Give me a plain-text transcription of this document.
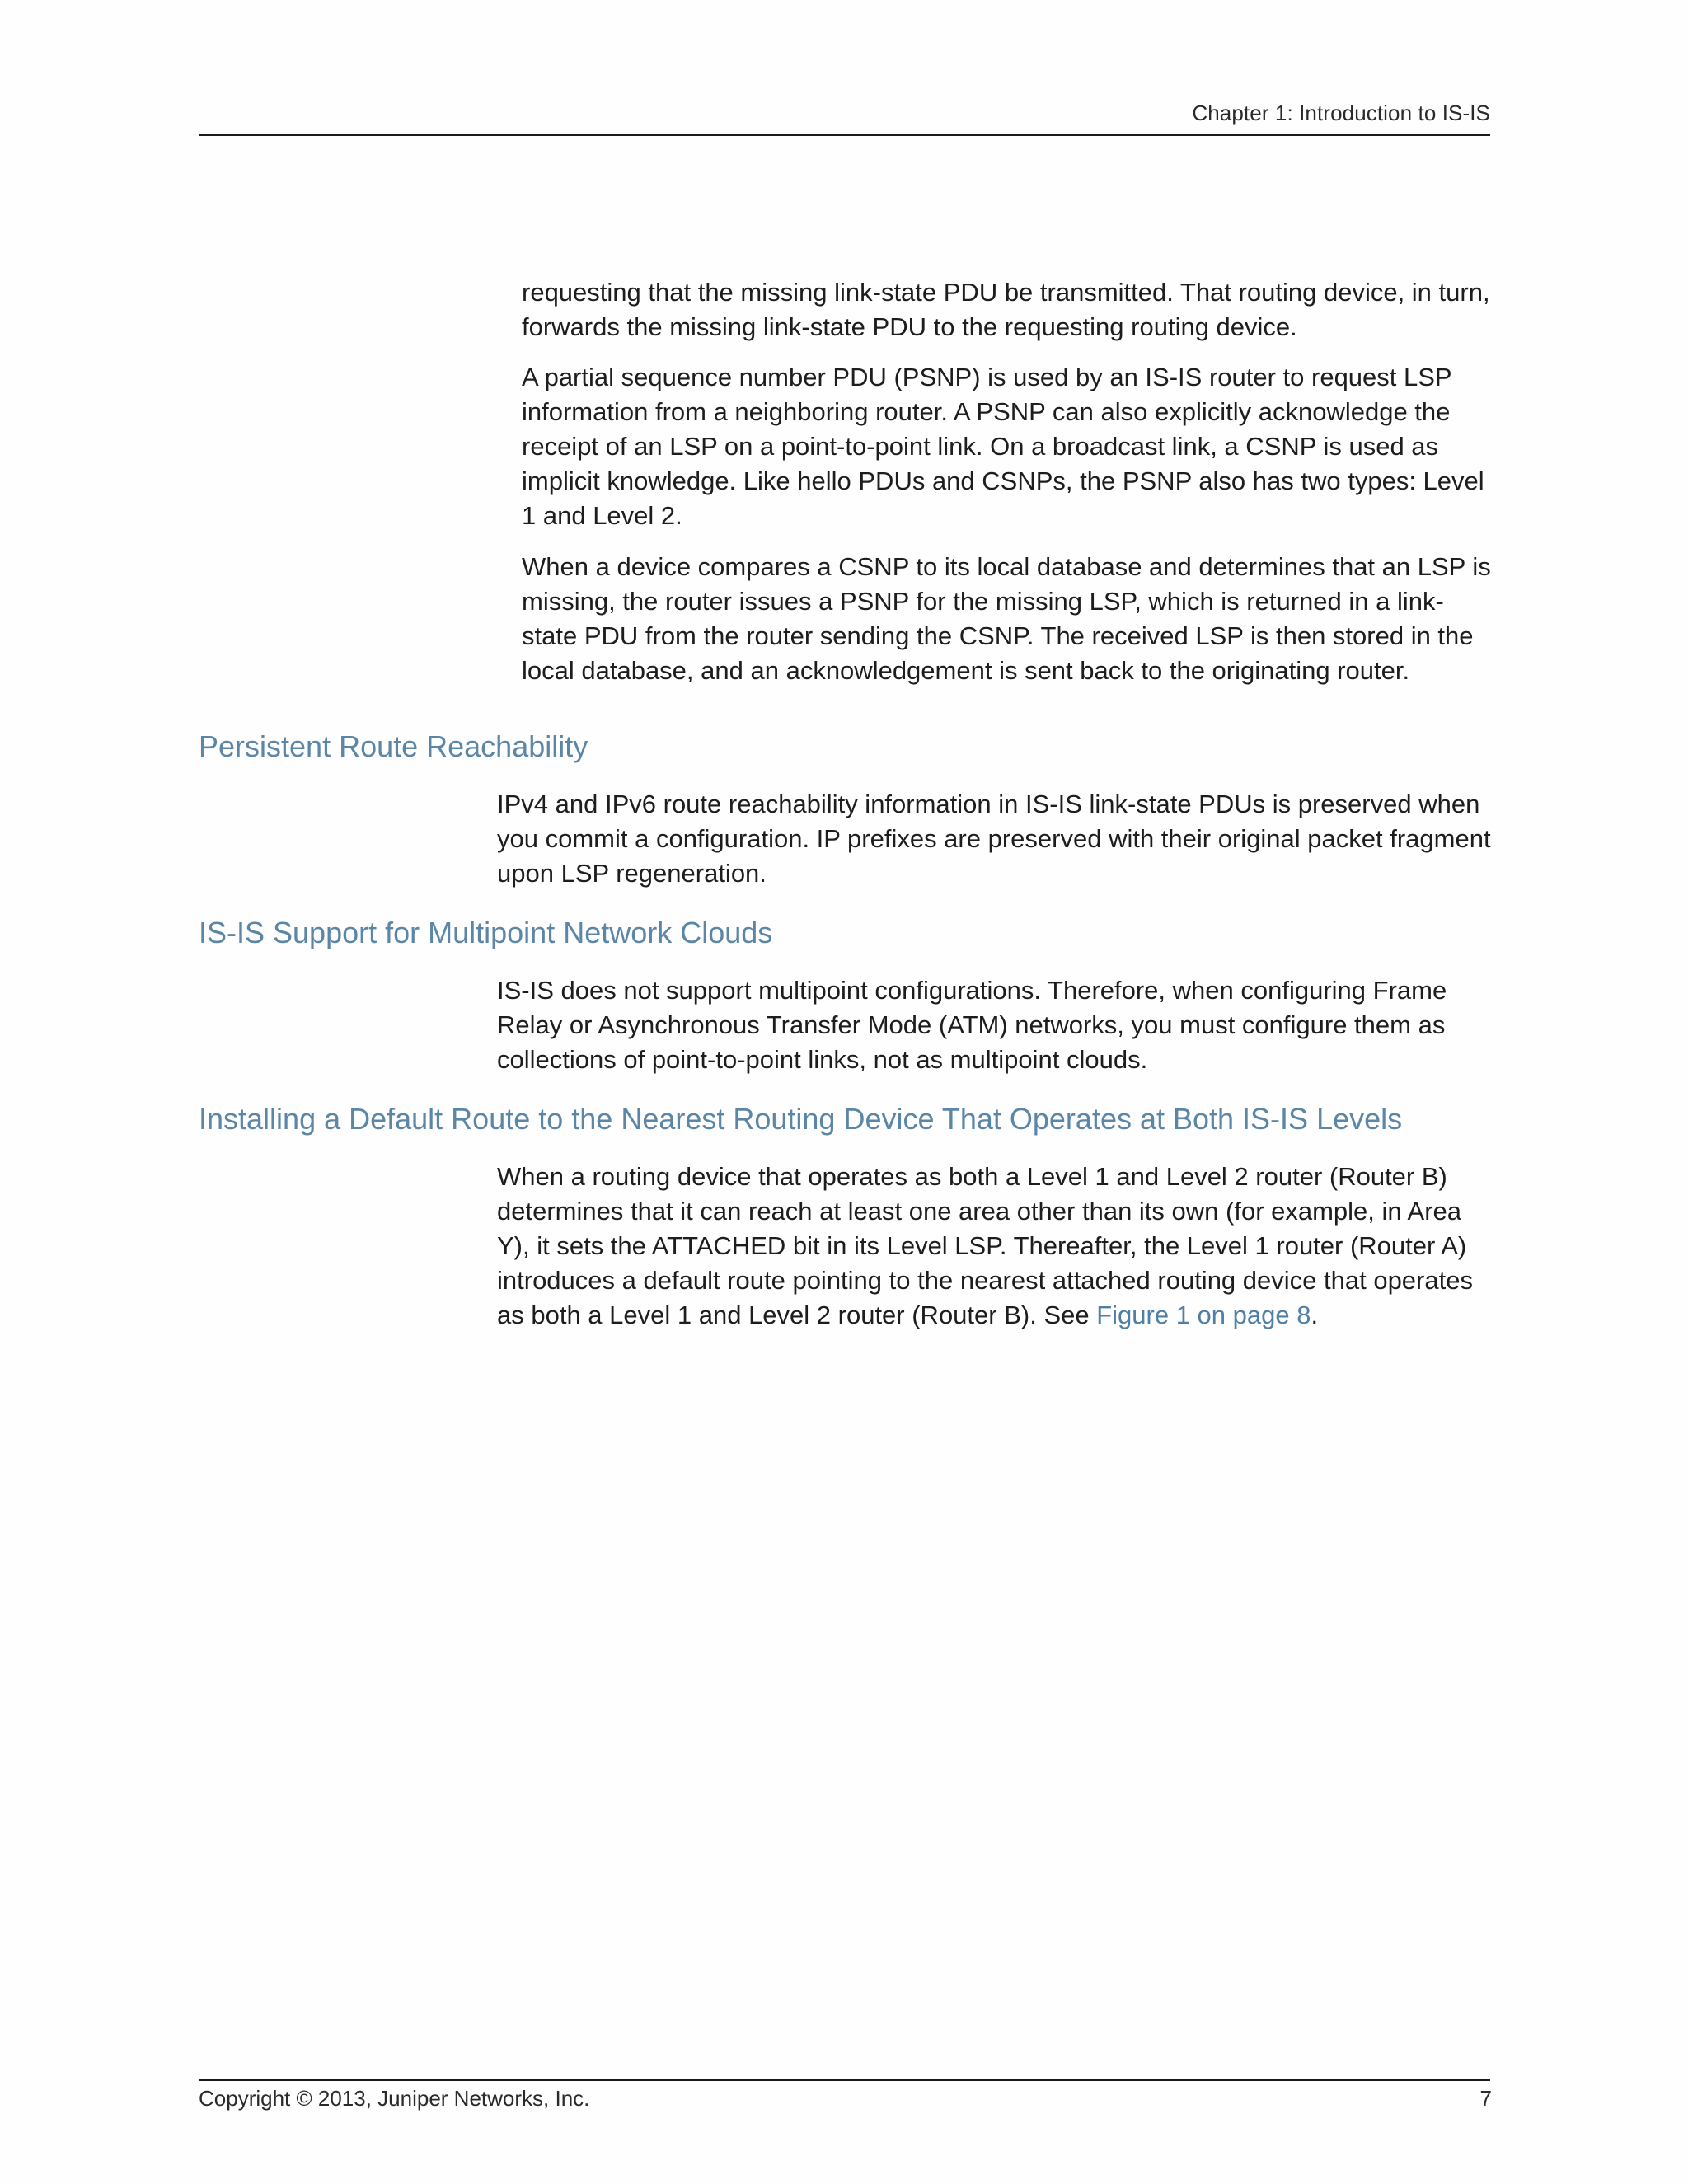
Chapter 1: Introduction to IS-IS

requesting that the missing link-state PDU be transmitted. That routing device, in turn, forwards the missing link-state PDU to the requesting routing device.

A partial sequence number PDU (PSNP) is used by an IS-IS router to request LSP information from a neighboring router. A PSNP can also explicitly acknowledge the receipt of an LSP on a point-to-point link. On a broadcast link, a CSNP is used as implicit knowledge. Like hello PDUs and CSNPs, the PSNP also has two types: Level 1 and Level 2.

When a device compares a CSNP to its local database and determines that an LSP is missing, the router issues a PSNP for the missing LSP, which is returned in a link-state PDU from the router sending the CSNP. The received LSP is then stored in the local database, and an acknowledgement is sent back to the originating router.

Persistent Route Reachability

IPv4 and IPv6 route reachability information in IS-IS link-state PDUs is preserved when you commit a configuration. IP prefixes are preserved with their original packet fragment upon LSP regeneration.

IS-IS Support for Multipoint Network Clouds

IS-IS does not support multipoint configurations. Therefore, when configuring Frame Relay or Asynchronous Transfer Mode (ATM) networks, you must configure them as collections of point-to-point links, not as multipoint clouds.

Installing a Default Route to the Nearest Routing Device That Operates at Both IS-IS Levels

When a routing device that operates as both a Level 1 and Level 2 router (Router B) determines that it can reach at least one area other than its own (for example, in Area Y), it sets the ATTACHED bit in its Level LSP. Thereafter, the Level 1 router (Router A) introduces a default route pointing to the nearest attached routing device that operates as both a Level 1 and Level 2 router (Router B). See Figure 1 on page 8.

Copyright © 2013, Juniper Networks, Inc.	7
